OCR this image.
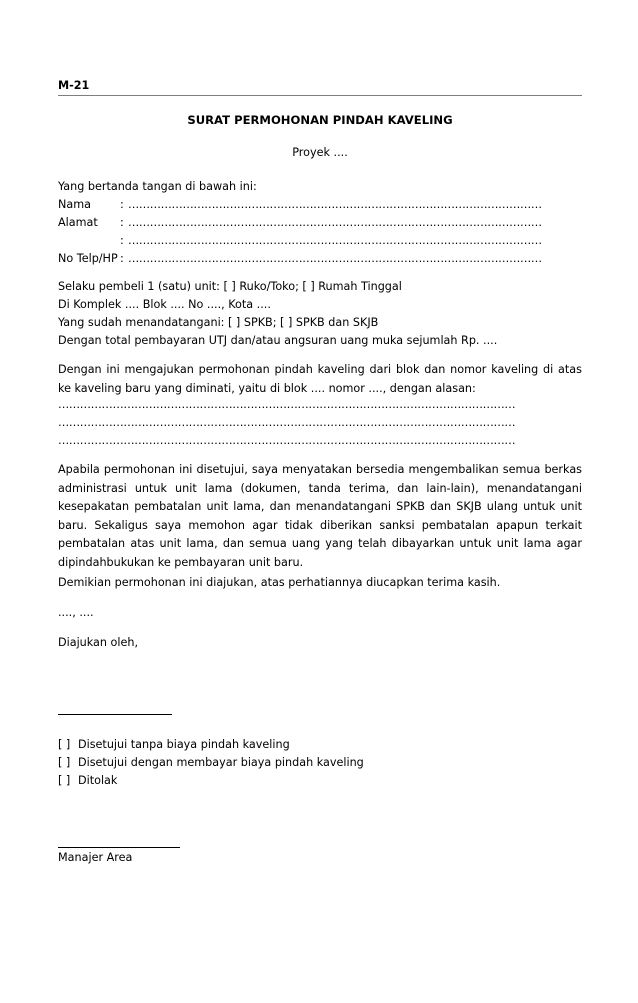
M-21
SURAT PERMOHONAN PINDAH KAVELING
Proyek ....
Yang bertanda tangan di bawah ini:
Nama	: ……………………………………………………………………………………………………
Alamat : ……………………………………………………………………………………………………
: ……………………………………………………………………………………………………
No Telp/HP : ……………………………………………………………………………………………………
Selaku pembeli 1 (satu) unit: [ ] Ruko/Toko; [ ] Rumah Tinggal
Di Komplek .... Blok .... No ...., Kota ....
Yang sudah menandatangani: [ ] SPKB; [ ] SPKB dan SKJB
Dengan total pembayaran UTJ dan/atau angsuran uang muka sejumlah Rp. ....
Dengan ini mengajukan permohonan pindah kaveling dari blok dan nomor kaveling di atas ke kaveling baru yang diminati, yaitu di blok .... nomor ...., dengan alasan:
………………………………………………………………………………………………………………
………………………………………………………………………………………………………………
………………………………………………………………………………………………………………
Apabila permohonan ini disetujui, saya menyatakan bersedia mengembalikan semua berkas administrasi untuk unit lama (dokumen, tanda terima, dan lain-lain), menandatangani kesepakatan pembatalan unit lama, dan menandatangani SPKB dan SKJB ulang untuk unit baru. Sekaligus saya memohon agar tidak diberikan sanksi pembatalan apapun terkait pembatalan atas unit lama, dan semua uang yang telah dibayarkan untuk unit lama agar dipindahbukukan ke pembayaran unit baru.
Demikian permohonan ini diajukan, atas perhatiannya diucapkan terima kasih.
...., ....
Diajukan oleh,
[ ] Disetujui tanpa biaya pindah kaveling
[ ] Disetujui dengan membayar biaya pindah kaveling
[ ] Ditolak
Manajer Area
